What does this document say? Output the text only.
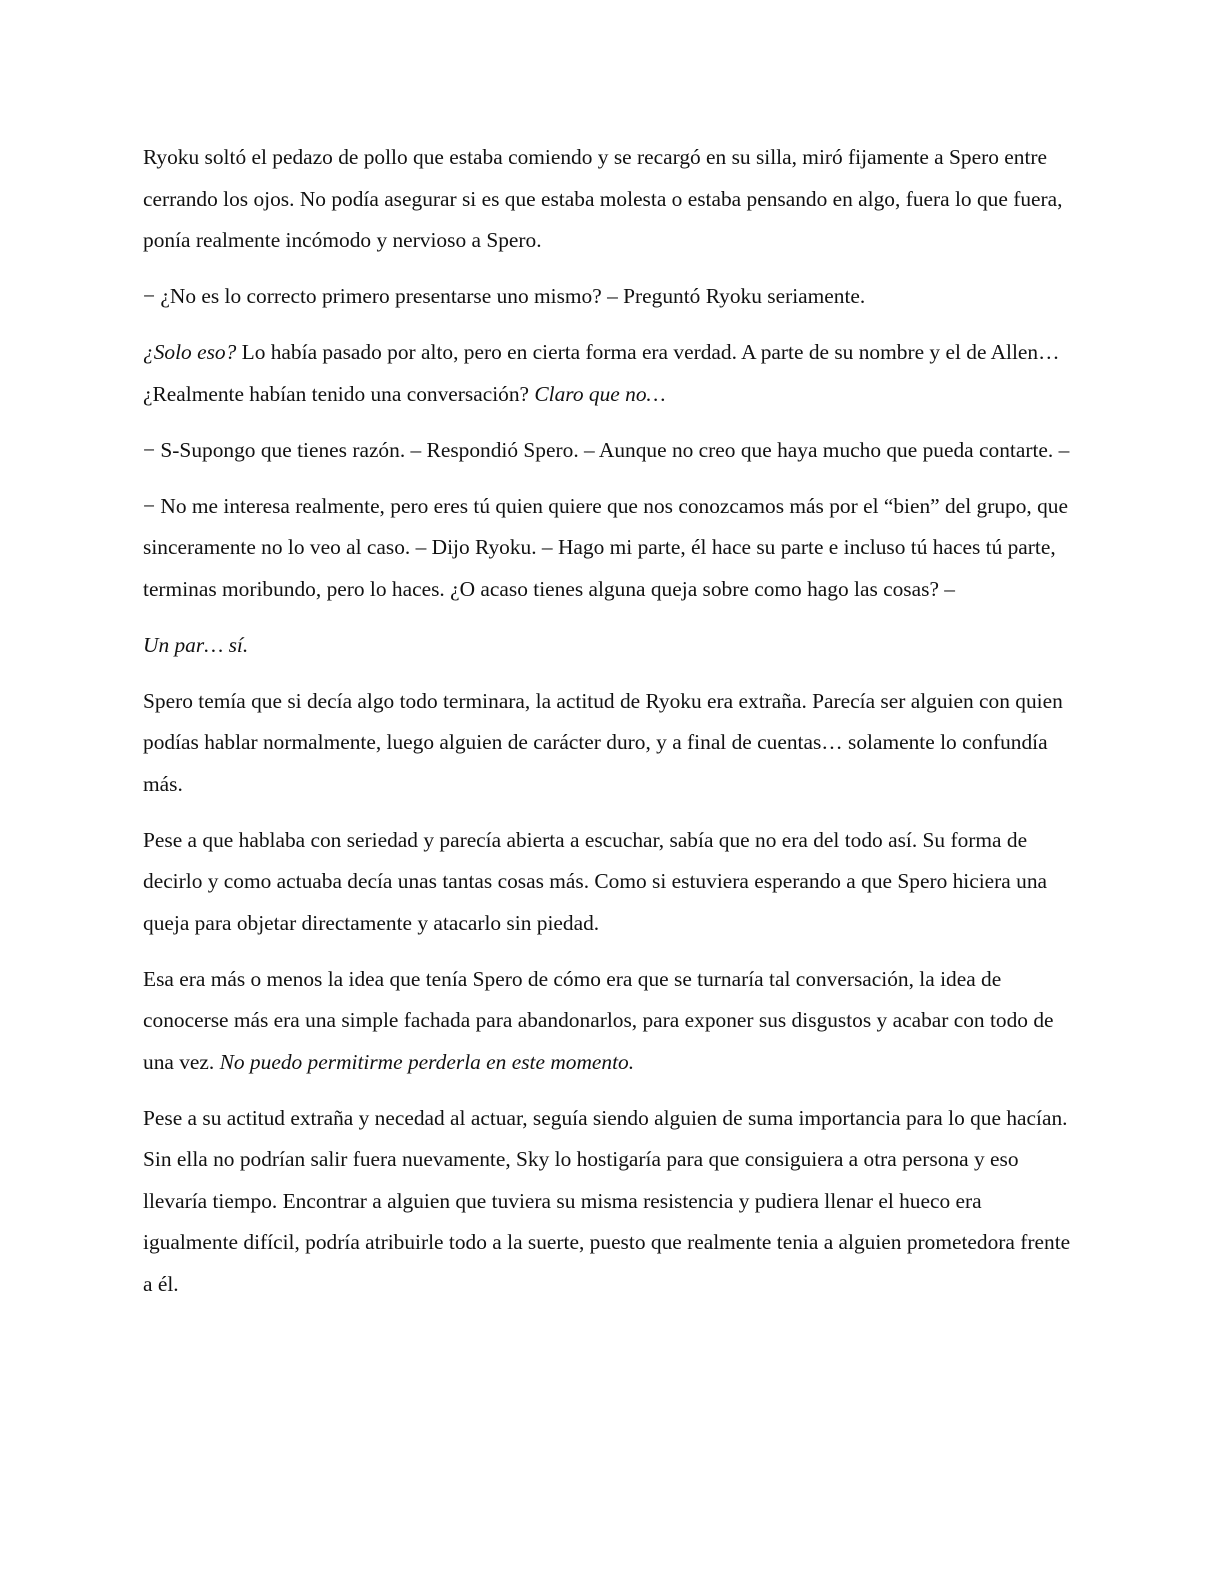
Ryoku soltó el pedazo de pollo que estaba comiendo y se recargó en su silla, miró fijamente a Spero entre cerrando los ojos. No podía asegurar si es que estaba molesta o estaba pensando en algo, fuera lo que fuera, ponía realmente incómodo y nervioso a Spero.

− ¿No es lo correcto primero presentarse uno mismo? – Preguntó Ryoku seriamente.

¿Solo eso? Lo había pasado por alto, pero en cierta forma era verdad. A parte de su nombre y el de Allen… ¿Realmente habían tenido una conversación? Claro que no…

− S-Supongo que tienes razón. – Respondió Spero. – Aunque no creo que haya mucho que pueda contarte. –

− No me interesa realmente, pero eres tú quien quiere que nos conozcamos más por el “bien” del grupo, que sinceramente no lo veo al caso. – Dijo Ryoku. – Hago mi parte, él hace su parte e incluso tú haces tú parte, terminas moribundo, pero lo haces. ¿O acaso tienes alguna queja sobre como hago las cosas? –

Un par… sí.

Spero temía que si decía algo todo terminara, la actitud de Ryoku era extraña. Parecía ser alguien con quien podías hablar normalmente, luego alguien de carácter duro, y a final de cuentas… solamente lo confundía más.

Pese a que hablaba con seriedad y parecía abierta a escuchar, sabía que no era del todo así. Su forma de decirlo y como actuaba decía unas tantas cosas más. Como si estuviera esperando a que Spero hiciera una queja para objetar directamente y atacarlo sin piedad.

Esa era más o menos la idea que tenía Spero de cómo era que se turnaría tal conversación, la idea de conocerse más era una simple fachada para abandonarlos, para exponer sus disgustos y acabar con todo de una vez. No puedo permitirme perderla en este momento.

Pese a su actitud extraña y necedad al actuar, seguía siendo alguien de suma importancia para lo que hacían. Sin ella no podrían salir fuera nuevamente, Sky lo hostigaría para que consiguiera a otra persona y eso llevaría tiempo. Encontrar a alguien que tuviera su misma resistencia y pudiera llenar el hueco era igualmente difícil, podría atribuirle todo a la suerte, puesto que realmente tenia a alguien prometedora frente a él.
